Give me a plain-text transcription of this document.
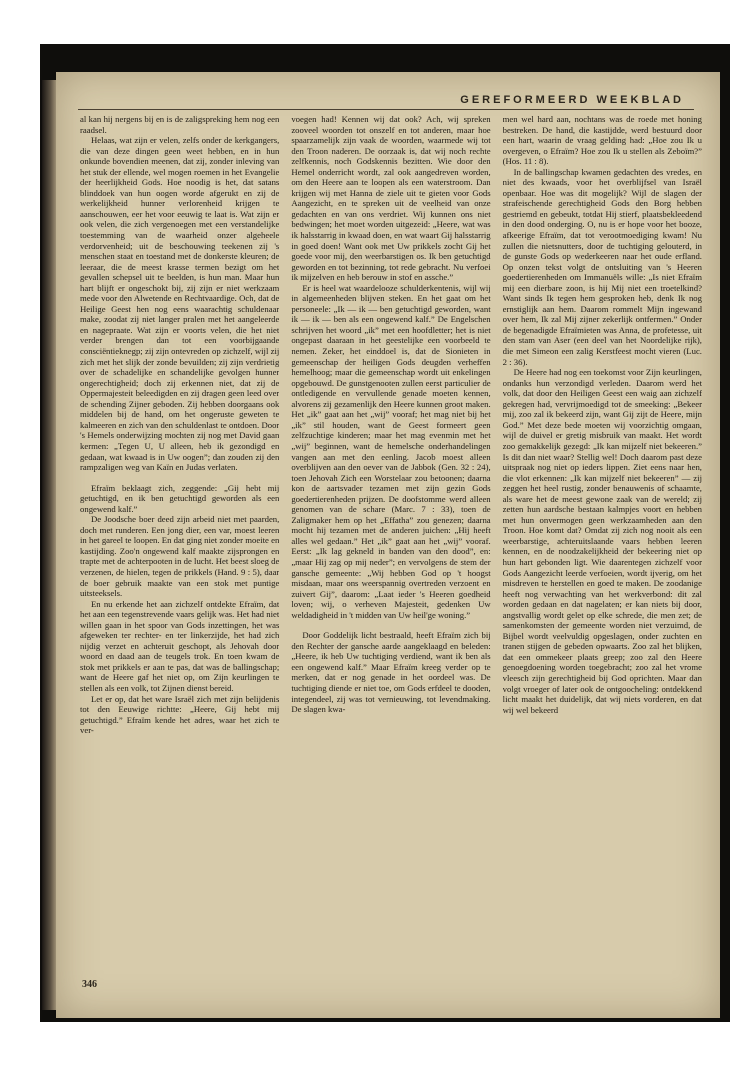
GEREFORMEERD WEEKBLAD

al kan hij nergens bij en is de zaligspreking hem nog een raadsel.

Helaas, wat zijn er velen, zelfs onder de kerkgangers, die van deze dingen geen weet hebben, en in hun onkunde bovendien meenen, dat zij, zonder inleving van het stuk der ellende, wel mogen roemen in het Evangelie der heerlijkheid Gods. Hoe noodig is het, dat satans blinddoek van hun oogen worde afgerukt en zij de werkelijkheid hunner verlorenheid krijgen te aanschouwen, eer het voor eeuwig te laat is. Wat zijn er ook velen, die zich vergenoegen met een verstandelijke toestemming van de waarheid onzer algeheele verdorvenheid; uit de beschouwing teekenen zij 's menschen staat en toestand met de donkerste kleuren; de leeraar, die de meest krasse termen bezigt om het gevallen schepsel uit te beelden, is hun man. Maar hun hart blijft er ongeschokt bij, zij zijn er niet werkzaam mede voor den Alwetende en Rechtvaardige. Och, dat de Heilige Geest hen nog eens waarachtig schuldenaar make, zoodat zij niet langer pralen met het aangeleerde en nagepraate. Wat zijn er voorts velen, die het niet verder brengen dan tot een voorbijgaande consciëntieknegp; zij zijn ontevreden op zichzelf, wijl zij zich met het slijk der zonde bevuilden; zij zijn verdrietig over de schadelijke en schandelijke gevolgen hunner ongerechtigheid; doch zij erkennen niet, dat zij de Oppermajesteit beleedigden en zij dragen geen leed over de schending Zijner geboden. Zij hebben doorgaans ook middelen bij de hand, om het ongeruste geweten te kalmeeren en zich van den schuldenlast te ontdoen. Door 's Hemels onderwijzing mochten zij nog met David gaan kermen: „Tegen U, U alleen, heb ik gezondigd en gedaan, wat kwaad is in Uw oogen”; dan zouden zij den rampzaligen weg van Kaïn en Judas verlaten.

Efraïm beklaagt zich, zeggende: „Gij hebt mij getuchtigd, en ik ben getuchtigd geworden als een ongewend kalf.”

De Joodsche boer deed zijn arbeid niet met paarden, doch met runderen. Een jong dier, een var, moest leeren in het gareel te loopen. En dat ging niet zonder moeite en kastijding. Zoo'n ongewend kalf maakte zijsprongen en trapte met de achterpooten in de lucht. Het beest sloeg de verzenen, de hielen, tegen de prikkels (Hand. 9 : 5), daar de boer gebruik maakte van een stok met puntige uitsteeksels.

En nu erkende het aan zichzelf ontdekte Efraïm, dat het aan een tegenstrevende vaars gelijk was. Het had niet willen gaan in het spoor van Gods inzettingen, het was afgeweken ter rechter- en ter linkerzijde, het had zich nijdig verzet en achteruit geschopt, als Jehovah door woord en daad aan de teugels trok. En toen kwam de stok met prikkels er aan te pas, dat was de ballingschap; want de Heere gaf het niet op, om Zijn keurlingen te stellen als een volk, tot Zijnen dienst bereid.

Let er op, dat het ware Israël zich met zijn belijdenis tot den Eeuwige richtte: „Heere, Gij hebt mij getuchtigd.” Efraïm kende het adres, waar het zich te ver-

voegen had! Kennen wij dat ook? Ach, wij spreken zooveel woorden tot onszelf en tot anderen, maar hoe spaarzamelijk zijn vaak de woorden, waarmede wij tot den Troon naderen. De oorzaak is, dat wij noch rechte zelfkennis, noch Godskennis bezitten. Wie door den Hemel onderricht wordt, zal ook aangedreven worden, om den Heere aan te loopen als een waterstroom. Dan krijgen wij met Hanna de ziele uit te gieten voor Gods Aangezicht, en te spreken uit de veelheid van onze gedachten en van ons verdriet. Wij kunnen ons niet bedwingen; het moet worden uitgezeid: „Heere, wat was ik halsstarrig in kwaad doen, en wat waart Gij halsstarrig in goed doen! Want ook met Uw prikkels zocht Gij het goede voor mij, den weerbarstigen os. Ik ben getuchtigd geworden en tot bezinning, tot rede gebracht. Nu verfoei ik mijzelven en heb berouw in stof en assche.”

Er is heel wat waardelooze schulderkentenis, wijl wij in algemeenheden blijven steken. En het gaat om het personeele: „Ik — ik — ben getuchtigd geworden, want ik — ik — ben als een ongewend kalf.” De Engelschen schrijven het woord „ik” met een hoofdletter; het is niet ongepast daaraan in het geestelijke een voorbeeld te nemen. Zeker, het einddoel is, dat de Sionieten in gemeenschap der heiligen Gods deugden verheffen hemelhoog; maar die gemeenschap wordt uit enkelingen opgebouwd. De gunstgenooten zullen eerst particulier de ontledigende en vervullende genade moeten kennen, alvorens zij gezamenlijk den Heere kunnen groot maken. Het „ik” gaat aan het „wij” vooraf; het mag niet bij het „ik” stil houden, want de Geest formeert geen zelfzuchtige kinderen; maar het mag evenmin met het „wij” beginnen, want de hemelsche onderhandelingen vangen aan met den eenling. Jacob moest alleen overblijven aan den oever van de Jabbok (Gen. 32 : 24), toen Jehovah Zich een Worstelaar zou betoonen; daarna kon de aartsvader tezamen met zijn gezin Gods goedertierenheden prijzen. De doofstomme werd alleen genomen van de schare (Marc. 7 : 33), toen de Zaligmaker hem op het „Effatha” zou genezen; daarna mocht hij tezamen met de anderen juichen: „Hij heeft alles wel gedaan.” Het „ik” gaat aan het „wij” vooraf. Eerst: „Ik lag gekneld in banden van den dood”, en: „maar Hij zag op mij neder”; en vervolgens de stem der gansche gemeente: „Wij hebben God op 't hoogst misdaan, maar ons weerspannig overtreden verzoent en zuivert Gij”, daarom: „Laat ieder 's Heeren goedheid loven; wij, o verheven Majesteit, gedenken Uw weldadigheid in 't midden van Uw heil'ge woning.”

Door Goddelijk licht bestraald, heeft Efraïm zich bij den Rechter der gansche aarde aangeklaagd en beleden: „Heere, ik heb Uw tuchtiging verdiend, want ik ben als een ongewend kalf.” Maar Efraïm kreeg verder op te merken, dat er nog genade in het oordeel was. De tuchtiging diende er niet toe, om Gods erfdeel te dooden, integendeel, zij was tot vernieuwing, tot levendmaking. De slagen kwa-

men wel hard aan, nochtans was de roede met honing bestreken. De hand, die kastijdde, werd bestuurd door een hart, waarin de vraag gelding had: „Hoe zou Ik u overgeven, o Efraïm? Hoe zou Ik u stellen als Zeboïm?” (Hos. 11 : 8).

In de ballingschap kwamen gedachten des vredes, en niet des kwaads, voor het overblijfsel van Israël openbaar. Hoe was dit mogelijk? Wijl de slagen der strafeischende gerechtigheid Gods den Borg hebben gestriemd en gebeukt, totdat Hij stierf, plaatsbekleedend in den dood onderging. O, nu is er hope voor het booze, afkeerige Efraïm, dat tot verootmoediging kwam! Nu zullen die nietsnutters, door de tuchtiging gelouterd, in de gunste Gods op wederkeeren naar het oude erfland. Op onzen tekst volgt de ontsluiting van 's Heeren goedertierenheden om Immanuëls wille: „Is niet Efraïm mij een dierbare zoon, is hij Mij niet een troetelkind? Want sinds Ik tegen hem gesproken heb, denk Ik nog ernstiglijk aan hem. Daarom rommelt Mijn ingewand over hem, Ik zal Mij zijner zekerlijk ontfermen.” Onder de begenadigde Efraïmieten was Anna, de profetesse, uit den stam van Aser (een deel van het Noordelijke rijk), die met Simeon een zalig Kerstfeest mocht vieren (Luc. 2 : 36).

De Heere had nog een toekomst voor Zijn keurlingen, ondanks hun verzondigd verleden. Daarom werd het volk, dat door den Heiligen Geest een waig aan zichzelf gekregen had, vervrijmoedigd tot de smeeking: „Bekeer mij, zoo zal ik bekeerd zijn, want Gij zijt de Heere, mijn God.” Met deze bede moeten wij voorzichtig omgaan, wijl de duivel er gretig misbruik van maakt. Het wordt zoo gemakkelijk gezegd: „Ik kan mijzelf niet bekeeren.” Is dit dan niet waar? Stellig wel! Doch daarom past deze uitspraak nog niet op ieders lippen. Ziet eens naar hen, die vlot erkennen: „Ik kan mijzelf niet bekeeren” — zij zeggen het heel rustig, zonder benauwenis of schaamte, als ware het de meest gewone zaak van de wereld; zij zetten hun aardsche bestaan kalmpjes voort en hebben met hun onvermogen geen werkzaamheden aan den Troon. Hoe komt dat? Omdat zij zich nog nooit als een weerbarstige, achteruitslaande vaars hebben leeren kennen, en de noodzakelijkheid der bekeering niet op hun hart gebonden ligt. Wie daarentegen zichzelf voor Gods Aangezicht leerde verfoeien, wordt ijverig, om het misdreven te herstellen en goed te maken. De zoodanige heeft nog verwachting van het werkverbond: dit zal worden gedaan en dat nagelaten; er kan niets bij door, angstvallig wordt gelet op elke schrede, die men zet; de samenkomsten der gemeente worden niet verzuimd, de Bijbel wordt veelvuldig opgeslagen, onder zuchten en tranen stijgen de gebeden opwaarts. Zoo zal het blijken, dat een ommekeer plaats greep; zoo zal den Heere genoegdoening worden toegebracht; zoo zal het vrome vleesch zijn gerechtigheid bij God oprichten. Maar dan volgt vroeger of later ook de ontgoocheling: ontdekkend licht maakt het duidelijk, dat wij niets vorderen, en dat wij wel bekeerd

346
